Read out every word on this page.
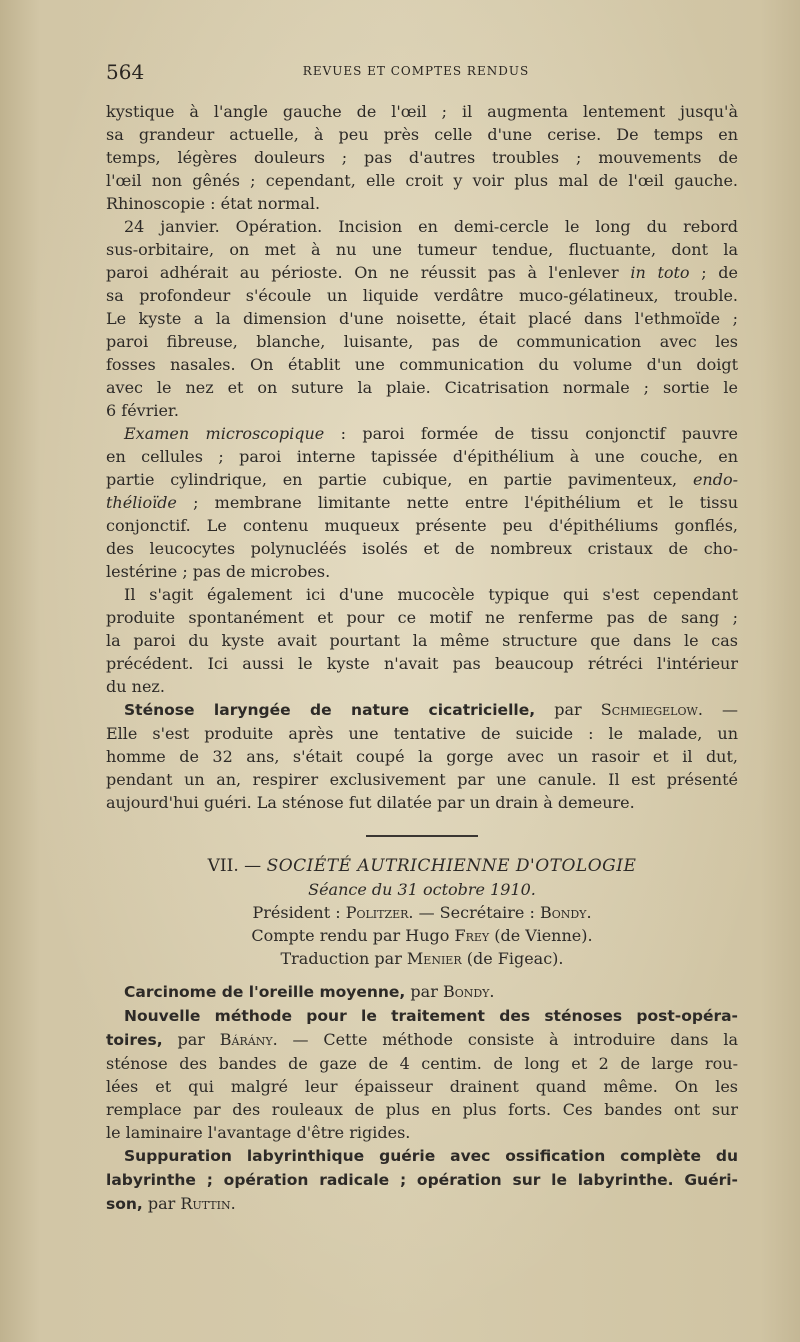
564	REVUES ET COMPTES RENDUS

kystique à l'angle gauche de l'œil ; il augmenta lentement jusqu'à

sa grandeur actuelle, à peu près celle d'une cerise. De temps en

temps, légères douleurs ; pas d'autres troubles ; mouvements de

l'œil non gênés ; cependant, elle croit y voir plus mal de l'œil gauche.

Rhinoscopie : état normal.

24 janvier. Opération. Incision en demi-cercle le long du rebord

sus-orbitaire, on met à nu une tumeur tendue, fluctuante, dont la

paroi adhérait au périoste. On ne réussit pas à l'enlever in toto ; de

sa profondeur s'écoule un liquide verdâtre muco-gélatineux, trouble.

Le kyste a la dimension d'une noisette, était placé dans l'ethmoïde ;

paroi fibreuse, blanche, luisante, pas de communication avec les

fosses nasales. On établit une communication du volume d'un doigt

avec le nez et on suture la plaie. Cicatrisation normale ; sortie le

6 février.

Examen microscopique : paroi formée de tissu conjonctif pauvre

en cellules ; paroi interne tapissée d'épithélium à une couche, en

partie cylindrique, en partie cubique, en partie pavimenteux, endo-

thélioïde ; membrane limitante nette entre l'épithélium et le tissu

conjonctif. Le contenu muqueux présente peu d'épithéliums gonflés,

des leucocytes polynucléés isolés et de nombreux cristaux de cho-

lestérine ; pas de microbes.

Il s'agit également ici d'une mucocèle typique qui s'est cependant

produite spontanément et pour ce motif ne renferme pas de sang ;

la paroi du kyste avait pourtant la même structure que dans le cas

précédent. Ici aussi le kyste n'avait pas beaucoup rétréci l'intérieur

du nez.

Sténose laryngée de nature cicatricielle, par Schmiegelow. —

Elle s'est produite après une tentative de suicide : le malade, un

homme de 32 ans, s'était coupé la gorge avec un rasoir et il dut,

pendant un an, respirer exclusivement par une canule. Il est présenté

aujourd'hui guéri. La sténose fut dilatée par un drain à demeure.

VII. — SOCIÉTÉ AUTRICHIENNE D'OTOLOGIE

Séance du 31 octobre 1910.

Président : Politzer. — Secrétaire : Bondy.

Compte rendu par Hugo Frey (de Vienne).

Traduction par Menier (de Figeac).

Carcinome de l'oreille moyenne, par Bondy.

Nouvelle méthode pour le traitement des sténoses post-opéra-

toires, par Bárány. — Cette méthode consiste à introduire dans la

sténose des bandes de gaze de 4 centim. de long et 2 de large rou-

lées et qui malgré leur épaisseur drainent quand même. On les

remplace par des rouleaux de plus en plus forts. Ces bandes ont sur

le laminaire l'avantage d'être rigides.

Suppuration labyrinthique guérie avec ossification complète du

labyrinthe ; opération radicale ; opération sur le labyrinthe. Guéri-

son, par Ruttin.
